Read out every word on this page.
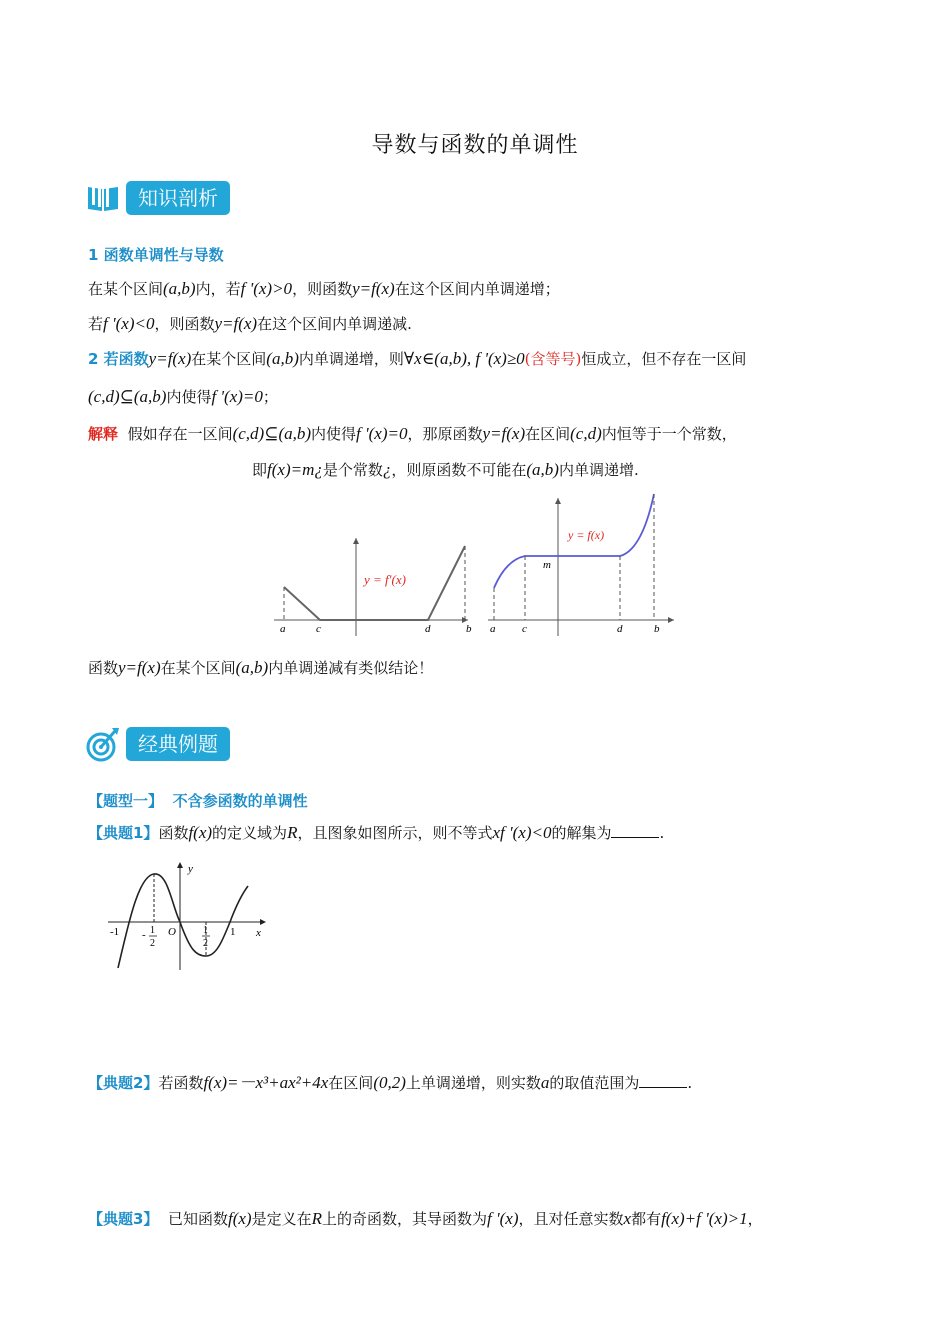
导数与函数的单调性
知识剖析
1 函数单调性与导数
在某个区间(a,b)内，若f '(x)>0，则函数y=f(x)在这个区间内单调递增；
若f '(x)<0，则函数y=f(x)在这个区间内单调递减.
2 若函数y=f(x)在某个区间(a,b)内单调递增，则∀x∈(a,b), f '(x)≥0(含等号)恒成立，但不存在一区间
(c,d)⊆(a,b)内使得f '(x)=0；
解释 假如存在一区间(c,d)⊆(a,b)内使得f '(x)=0，那原函数y=f(x)在区间(c,d)内恒等于一个常数，
即f(x)=m¿是个常数¿，则原函数不可能在(a,b)内单调递增.
y = f′(x)
a	c	d	b
y = f(x)
m
a c	d	b
函数y=f(x)在某个区间(a,b)内单调递减有类似结论！
经典例题
【题型一】 不含参函数的单调性
【典题1】函数f(x)的定义域为R，且图象如图所示，则不等式xf '(x)<0的解集为	.
y
x
O
-1 - 1
2
1
2
1
【典题2】若函数f(x)=－x³+ax²+4x在区间(0,2)上单调递增，则实数a的取值范围为	.
【典题3】 已知函数f(x)是定义在R上的奇函数，其导函数为f '(x)，且对任意实数x都有f(x)+f '(x)>1，
